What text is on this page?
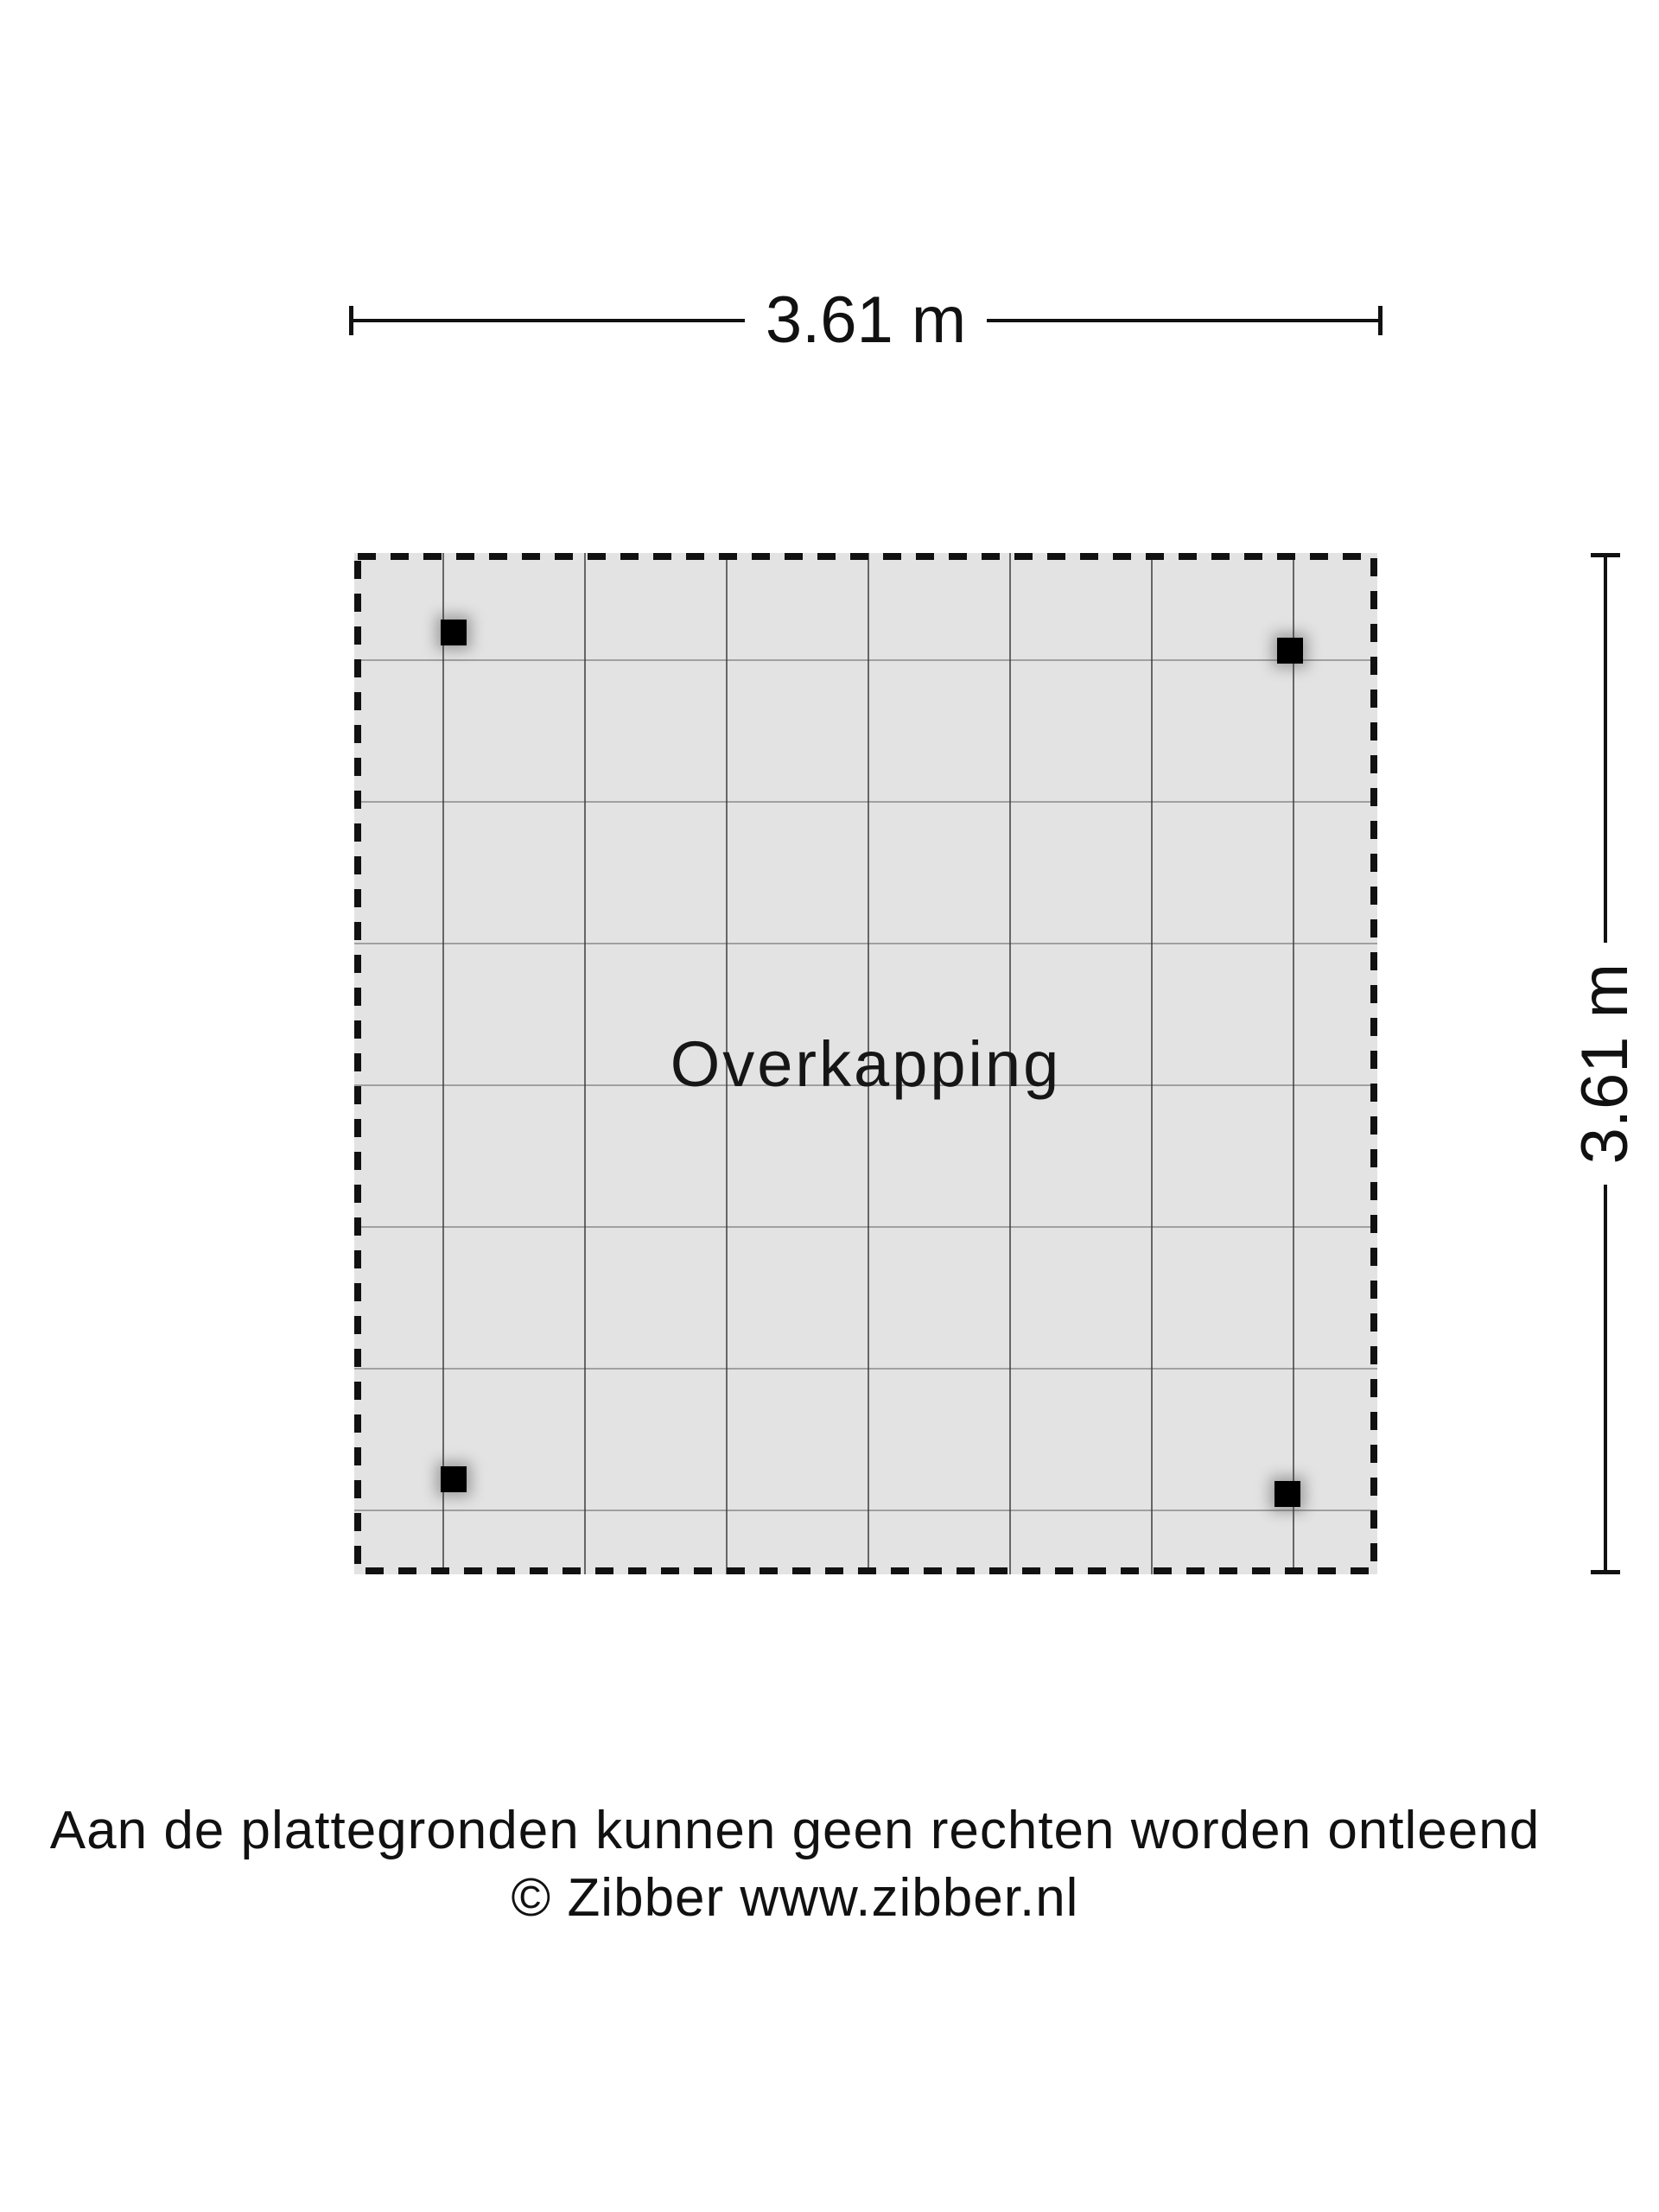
3.61 m
Overkapping	3.61 m
Aan de plattegronden kunnen geen rechten worden ontleend
© Zibber www.zibber.nl
